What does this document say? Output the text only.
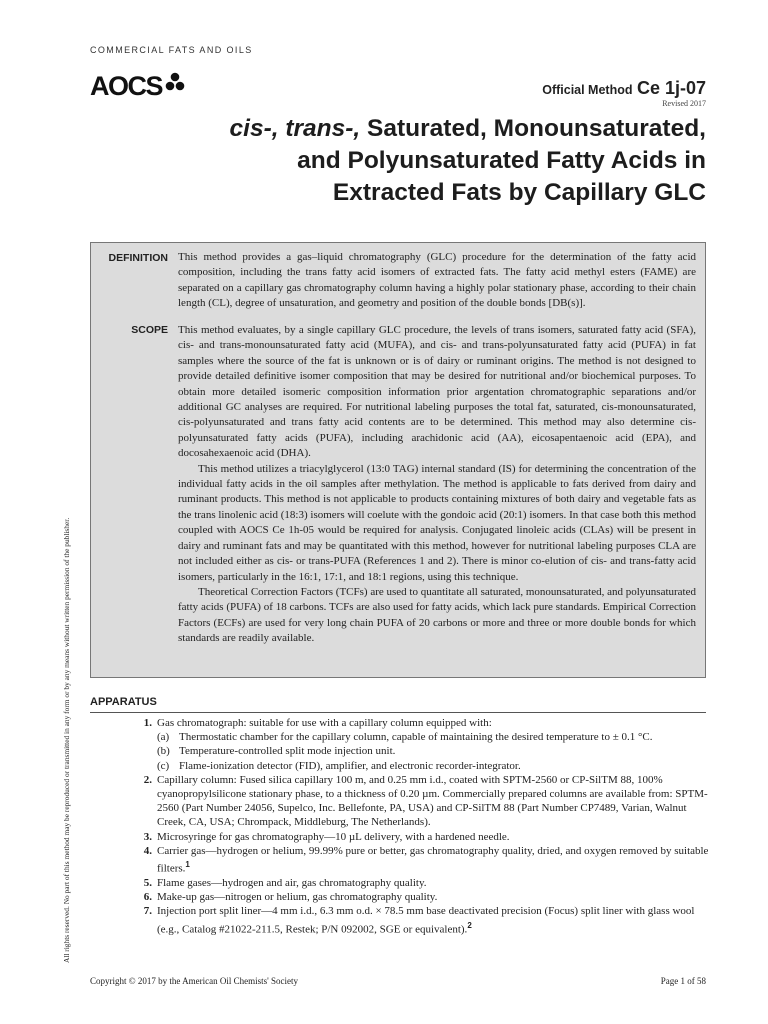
COMMERCIAL FATS AND OILS
AOCS	Official Method Ce 1j-07
Revised 2017
cis-, trans-, Saturated, Monounsaturated,
and Polyunsaturated Fatty Acids in
Extracted Fats by Capillary GLC
All rights reserved. No part of this method may be reproduced or transmitted in any form or by any means without written permission of the publisher.
DEFINITION This method provides a gas–liquid chromatography (GLC) procedure for the determination of the fatty acid composition, including the trans fatty acid isomers of extracted fats. The fatty acid methyl esters (FAME) are separated on a capillary gas chromatography column having a highly polar stationary phase, according to their chain length (CL), degree of unsaturation, and geometry and position of the double bonds [DB(s)].
SCOPE This method evaluates, by a single capillary GLC procedure, the levels of trans isomers, saturated fatty acid (SFA), cis- and trans-monounsaturated fatty acid (MUFA), and cis- and trans-polyunsaturated fatty acid (PUFA) in fat samples where the source of the fat is unknown or is of dairy or ruminant origins. The method is not designed to provide detailed definitive isomer composition that may be desired for nutritional and/or biochemical purposes. To obtain more detailed isomeric composition information prior argentation chromatographic separations and/or additional GC analyses are required. For nutritional labeling purposes the total fat, saturated, cis-monounsaturated, cis-polyunsaturated and trans fatty acid contents are to be determined. This method may also determine cis-polyunsaturated fatty acids (PUFA), including arachidonic acid (AA), eicosapentaenoic acid (EPA), and docosahexaenoic acid (DHA).
This method utilizes a triacylglycerol (13:0 TAG) internal standard (IS) for determining the concentration of the individual fatty acids in the oil samples after methylation. The method is applicable to fats derived from dairy and ruminant products. This method is not applicable to products containing mixtures of both dairy and vegetable fats as the trans linolenic acid (18:3) isomers will coelute with the gondoic acid (20:1) isomers. In that case both this method coupled with AOCS Ce 1h-05 would be required for analysis. Conjugated linoleic acids (CLAs) will be present in dairy and ruminant fats and may be quantitated with this method, however for nutritional labeling purposes CLA are not included either as cis- or trans-PUFA (References 1 and 2). There is minor co-elution of cis- and trans-fatty acid isomers, particularly in the 16:1, 17:1, and 18:1 regions, using this technique.
Theoretical Correction Factors (TCFs) are used to quantitate all saturated, monounsaturated, and polyunsaturated fatty acids (PUFA) of 18 carbons. TCFs are also used for fatty acids, which lack pure standards. Empirical Correction Factors (ECFs) are used for very long chain PUFA of 20 carbons or more and three or more double bonds for which standards are readily available.
APPARATUS
1. Gas chromatograph: suitable for use with a capillary column equipped with:
(a) Thermostatic chamber for the capillary column, capable of maintaining the desired temperature to ± 0.1 °C.
(b) Temperature-controlled split mode injection unit.
(c) Flame-ionization detector (FID), amplifier, and electronic recorder-integrator.
2. Capillary column: Fused silica capillary 100 m, and 0.25 mm i.d., coated with SPTM-2560 or CP-SilTM 88, 100% cyanopropylsilicone stationary phase, to a thickness of 0.20 µm. Commercially prepared columns are available from: SPTM-2560 (Part Number 24056, Supelco, Inc. Bellefonte, PA, USA) and CP-SilTM 88 (Part Number CP7489, Varian, Walnut Creek, CA, USA; Chrompack, Middleburg, The Netherlands).
3. Microsyringe for gas chromatography—10 µL delivery, with a hardened needle.
4. Carrier gas—hydrogen or helium, 99.99% pure or better, gas chromatography quality, dried, and oxygen removed by suitable filters.$^1$
5. Flame gases—hydrogen and air, gas chromatography quality.
6. Make-up gas—nitrogen or helium, gas chromatography quality.
7. Injection port split liner—4 mm i.d., 6.3 mm o.d. × 78.5 mm base deactivated precision (Focus) split liner with glass wool (e.g., Catalog #21022-211.5, Restek; P/N 092002, SGE or equivalent).$^2$
Copyright © 2017 by the American Oil Chemists' Society	Page 1 of 58
